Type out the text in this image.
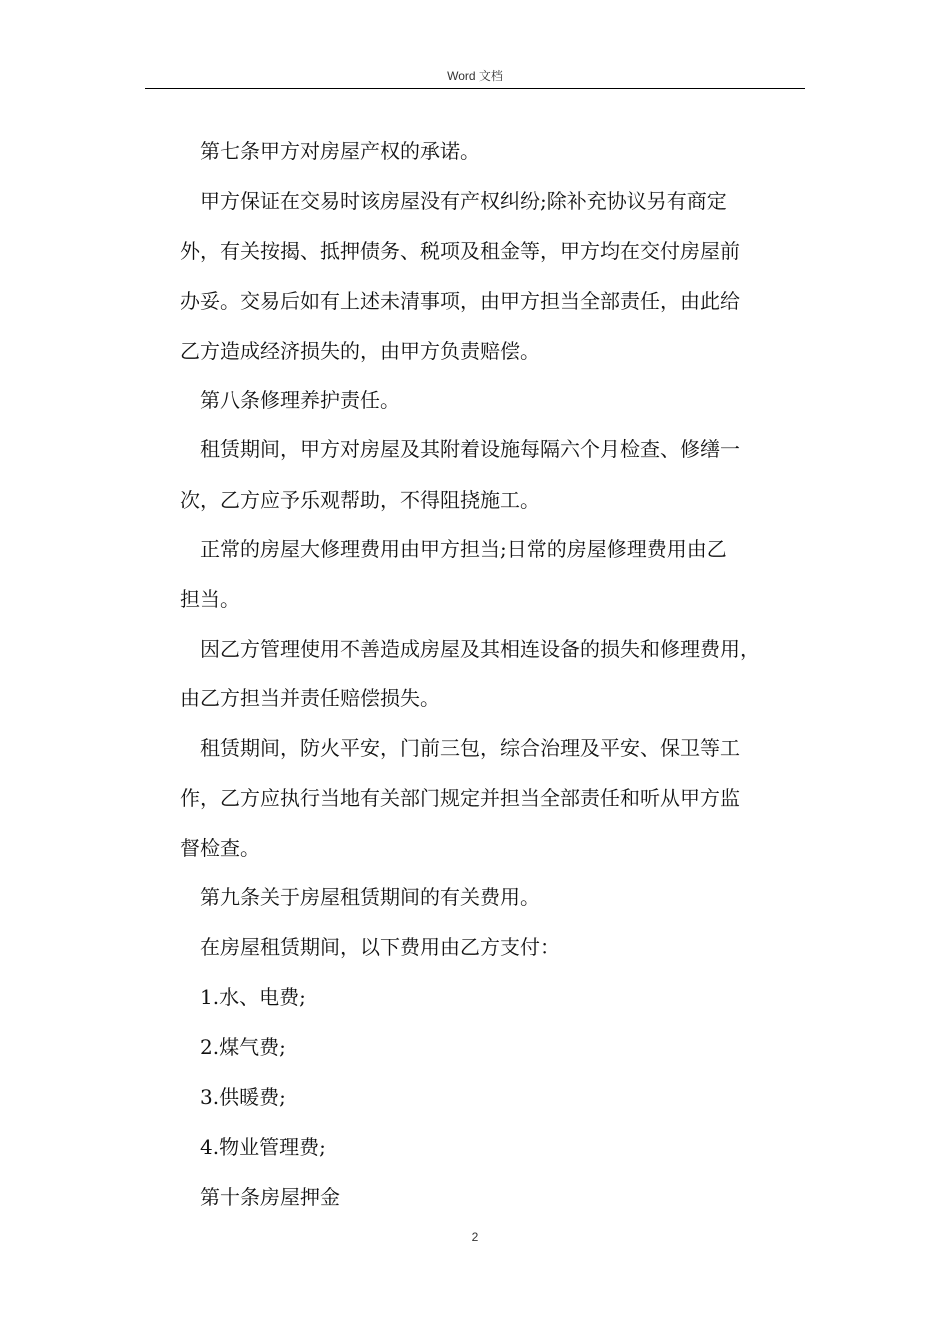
Word 文档
第七条甲方对房屋产权的承诺。
甲方保证在交易时该房屋没有产权纠纷;除补充协议另有商定
外，有关按揭、抵押债务、税项及租金等，甲方均在交付房屋前
办妥。交易后如有上述未清事项，由甲方担当全部责任，由此给
乙方造成经济损失的，由甲方负责赔偿。
第八条修理养护责任。
租赁期间，甲方对房屋及其附着设施每隔六个月检查、修缮一
次，乙方应予乐观帮助，不得阻挠施工。
正常的房屋大修理费用由甲方担当;日常的房屋修理费用由乙
担当。
因乙方管理使用不善造成房屋及其相连设备的损失和修理费用，
由乙方担当并责任赔偿损失。
租赁期间，防火平安，门前三包，综合治理及平安、保卫等工
作，乙方应执行当地有关部门规定并担当全部责任和听从甲方监
督检查。
第九条关于房屋租赁期间的有关费用。
在房屋租赁期间，以下费用由乙方支付：
1.水、电费;
2.煤气费;
3.供暖费;
4.物业管理费;
第十条房屋押金
2
